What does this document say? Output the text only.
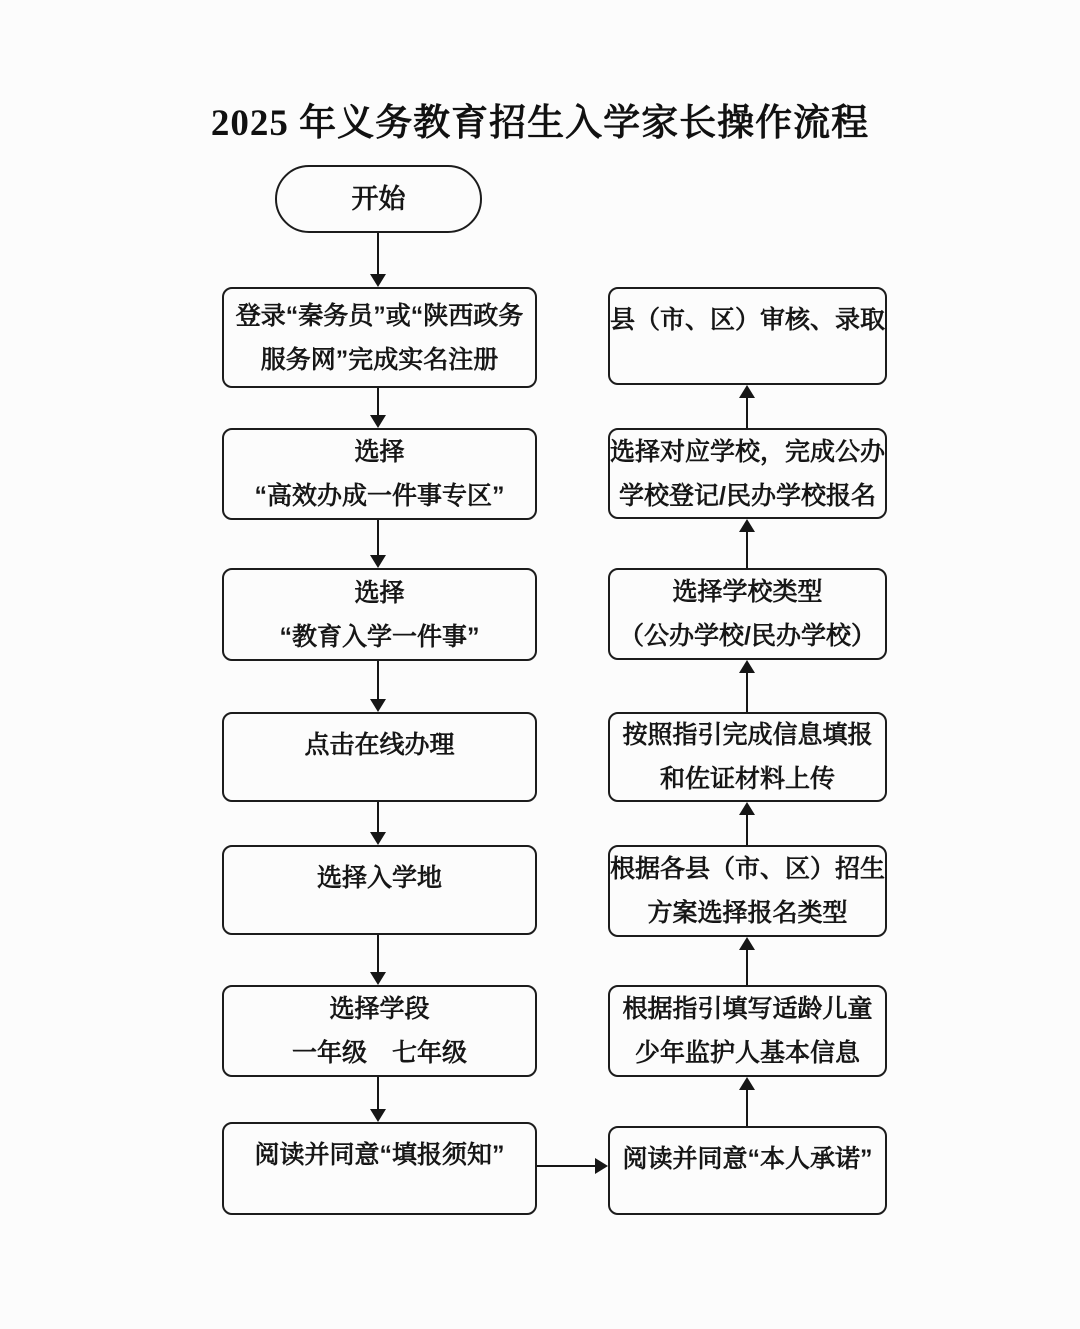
2025 年义务教育招生入学家长操作流程
开始
登录“秦务员”或“陕西政务
服务网”完成实名注册
选择
“高效办成一件事专区”
选择
“教育入学一件事”
点击在线办理
选择入学地
选择学段
一年级　七年级
阅读并同意“填报须知”	阅读并同意“本人承诺”
根据指引填写适龄儿童
少年监护人基本信息
根据各县（市、区）招生
方案选择报名类型
按照指引完成信息填报
和佐证材料上传
选择学校类型
（公办学校/民办学校）
选择对应学校，完成公办
学校登记/民办学校报名
县（市、区）审核、录取
